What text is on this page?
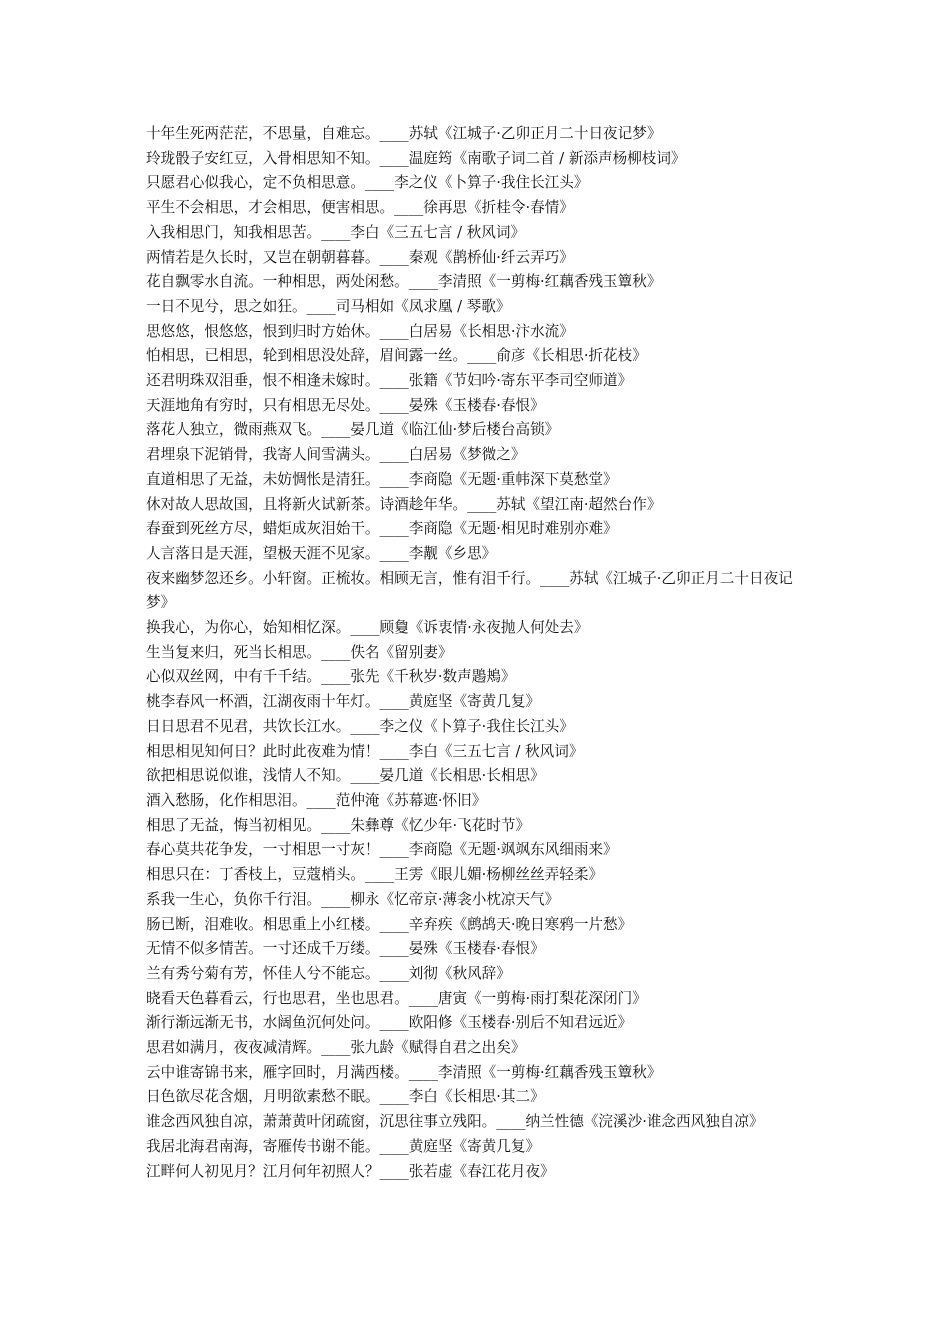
十年生死两茫茫，不思量，自难忘。____苏轼《江城子·乙卯正月二十日夜记梦》
玲珑骰子安红豆，入骨相思知不知。____温庭筠《南歌子词二首 / 新添声杨柳枝词》
只愿君心似我心，定不负相思意。____李之仪《卜算子·我住长江头》
平生不会相思，才会相思，便害相思。____徐再思《折桂令·春情》
入我相思门，知我相思苦。____李白《三五七言 / 秋风词》
两情若是久长时，又岂在朝朝暮暮。____秦观《鹊桥仙·纤云弄巧》
花自飘零水自流。一种相思，两处闲愁。____李清照《一剪梅·红藕香残玉簟秋》
一日不见兮，思之如狂。____司马相如《凤求凰 / 琴歌》
思悠悠，恨悠悠，恨到归时方始休。____白居易《长相思·汴水流》
怕相思，已相思，轮到相思没处辞，眉间露一丝。____俞彦《长相思·折花枝》
还君明珠双泪垂，恨不相逢未嫁时。____张籍《节妇吟·寄东平李司空师道》
天涯地角有穷时，只有相思无尽处。____晏殊《玉楼春·春恨》
落花人独立，微雨燕双飞。____晏几道《临江仙·梦后楼台高锁》
君埋泉下泥销骨，我寄人间雪满头。____白居易《梦微之》
直道相思了无益，未妨惆怅是清狂。____李商隐《无题·重帏深下莫愁堂》
休对故人思故国，且将新火试新茶。诗酒趁年华。____苏轼《望江南·超然台作》
春蚕到死丝方尽，蜡炬成灰泪始干。____李商隐《无题·相见时难别亦难》
人言落日是天涯，望极天涯不见家。____李觏《乡思》
夜来幽梦忽还乡。小轩窗。正梳妆。相顾无言，惟有泪千行。____苏轼《江城子·乙卯正月二十日夜记梦》
换我心，为你心，始知相忆深。____顾敻《诉衷情·永夜抛人何处去》
生当复来归，死当长相思。____佚名《留别妻》
心似双丝网，中有千千结。____张先《千秋岁·数声鶗鴂》
桃李春风一杯酒，江湖夜雨十年灯。____黄庭坚《寄黄几复》
日日思君不见君，共饮长江水。____李之仪《卜算子·我住长江头》
相思相见知何日？此时此夜难为情！____李白《三五七言 / 秋风词》
欲把相思说似谁，浅情人不知。____晏几道《长相思·长相思》
酒入愁肠，化作相思泪。____范仲淹《苏幕遮·怀旧》
相思了无益，悔当初相见。____朱彝尊《忆少年·飞花时节》
春心莫共花争发，一寸相思一寸灰！____李商隐《无题·飒飒东风细雨来》
相思只在：丁香枝上，豆蔻梢头。____王雱《眼儿媚·杨柳丝丝弄轻柔》
系我一生心，负你千行泪。____柳永《忆帝京·薄衾小枕凉天气》
肠已断，泪难收。相思重上小红楼。____辛弃疾《鹧鸪天·晚日寒鸦一片愁》
无情不似多情苦。一寸还成千万缕。____晏殊《玉楼春·春恨》
兰有秀兮菊有芳，怀佳人兮不能忘。____刘彻《秋风辞》
晓看天色暮看云，行也思君，坐也思君。____唐寅《一剪梅·雨打梨花深闭门》
渐行渐远渐无书，水阔鱼沉何处问。____欧阳修《玉楼春·别后不知君远近》
思君如满月，夜夜减清辉。____张九龄《赋得自君之出矣》
云中谁寄锦书来，雁字回时，月满西楼。____李清照《一剪梅·红藕香残玉簟秋》
日色欲尽花含烟，月明欲素愁不眠。____李白《长相思·其二》
谁念西风独自凉，萧萧黄叶闭疏窗，沉思往事立残阳。____纳兰性德《浣溪沙·谁念西风独自凉》
我居北海君南海，寄雁传书谢不能。____黄庭坚《寄黄几复》
江畔何人初见月？江月何年初照人？____张若虚《春江花月夜》
